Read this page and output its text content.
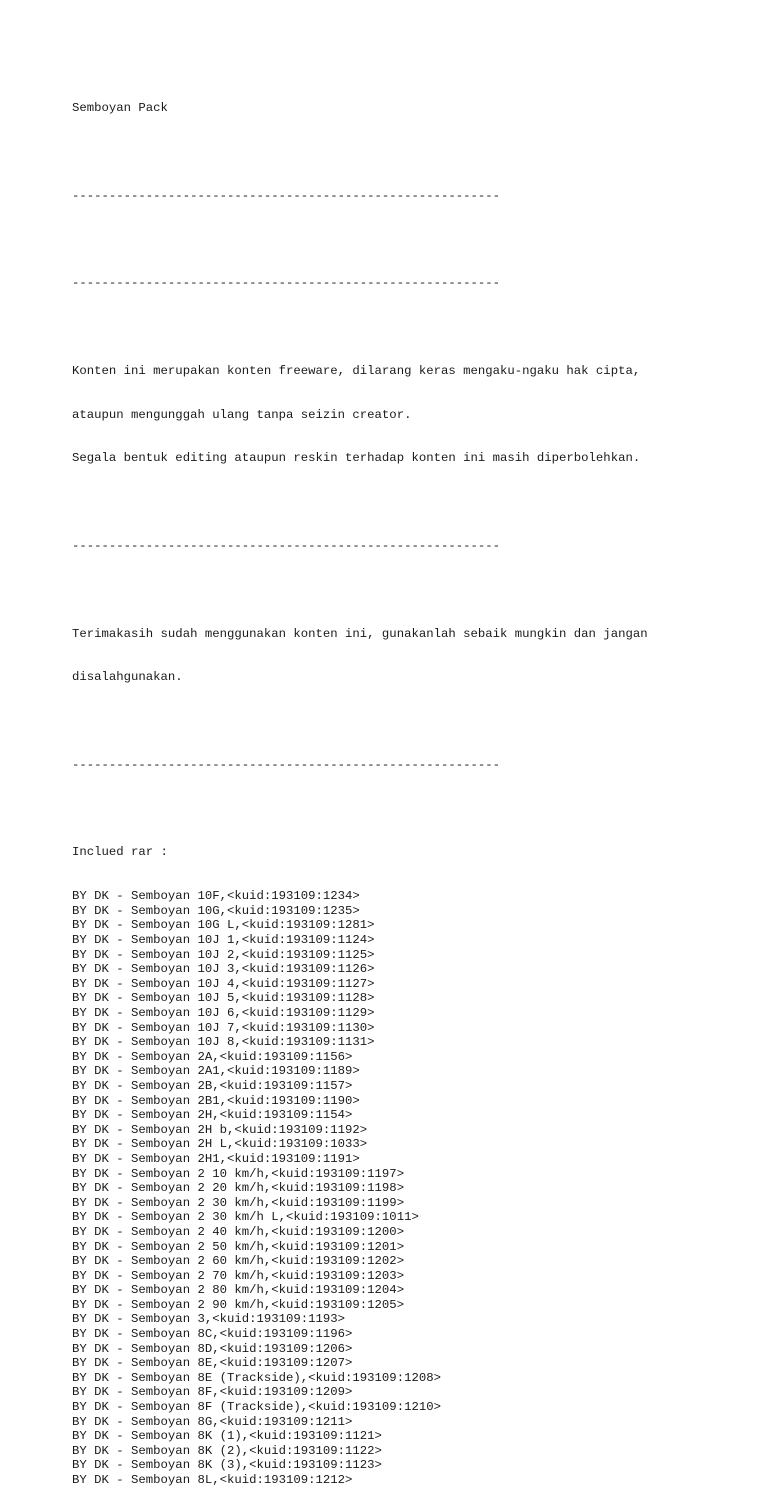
Semboyan Pack

----------------------------------------------------------

----------------------------------------------------------

Konten ini merupakan konten freeware, dilarang keras mengaku-ngaku hak cipta,

ataupun mengunggah ulang tanpa seizin creator.

Segala bentuk editing ataupun reskin terhadap konten ini masih diperbolehkan.

----------------------------------------------------------

Terimakasih sudah menggunakan konten ini, gunakanlah sebaik mungkin dan jangan

disalahgunakan.

----------------------------------------------------------

Inclued rar :

BY DK - Semboyan 10F,<kuid:193109:1234>
BY DK - Semboyan 10G,<kuid:193109:1235>
BY DK - Semboyan 10G L,<kuid:193109:1281>
BY DK - Semboyan 10J 1,<kuid:193109:1124>
BY DK - Semboyan 10J 2,<kuid:193109:1125>
BY DK - Semboyan 10J 3,<kuid:193109:1126>
BY DK - Semboyan 10J 4,<kuid:193109:1127>
BY DK - Semboyan 10J 5,<kuid:193109:1128>
BY DK - Semboyan 10J 6,<kuid:193109:1129>
BY DK - Semboyan 10J 7,<kuid:193109:1130>
BY DK - Semboyan 10J 8,<kuid:193109:1131>
BY DK - Semboyan 2A,<kuid:193109:1156>
BY DK - Semboyan 2A1,<kuid:193109:1189>
BY DK - Semboyan 2B,<kuid:193109:1157>
BY DK - Semboyan 2B1,<kuid:193109:1190>
BY DK - Semboyan 2H,<kuid:193109:1154>
BY DK - Semboyan 2H b,<kuid:193109:1192>
BY DK - Semboyan 2H L,<kuid:193109:1033>
BY DK - Semboyan 2H1,<kuid:193109:1191>
BY DK - Semboyan 2 10 km/h,<kuid:193109:1197>
BY DK - Semboyan 2 20 km/h,<kuid:193109:1198>
BY DK - Semboyan 2 30 km/h,<kuid:193109:1199>
BY DK - Semboyan 2 30 km/h L,<kuid:193109:1011>
BY DK - Semboyan 2 40 km/h,<kuid:193109:1200>
BY DK - Semboyan 2 50 km/h,<kuid:193109:1201>
BY DK - Semboyan 2 60 km/h,<kuid:193109:1202>
BY DK - Semboyan 2 70 km/h,<kuid:193109:1203>
BY DK - Semboyan 2 80 km/h,<kuid:193109:1204>
BY DK - Semboyan 2 90 km/h,<kuid:193109:1205>
BY DK - Semboyan 3,<kuid:193109:1193>
BY DK - Semboyan 8C,<kuid:193109:1196>
BY DK - Semboyan 8D,<kuid:193109:1206>
BY DK - Semboyan 8E,<kuid:193109:1207>
BY DK - Semboyan 8E (Trackside),<kuid:193109:1208>
BY DK - Semboyan 8F,<kuid:193109:1209>
BY DK - Semboyan 8F (Trackside),<kuid:193109:1210>
BY DK - Semboyan 8G,<kuid:193109:1211>
BY DK - Semboyan 8K (1),<kuid:193109:1121>
BY DK - Semboyan 8K (2),<kuid:193109:1122>
BY DK - Semboyan 8K (3),<kuid:193109:1123>
BY DK - Semboyan 8L,<kuid:193109:1212>
